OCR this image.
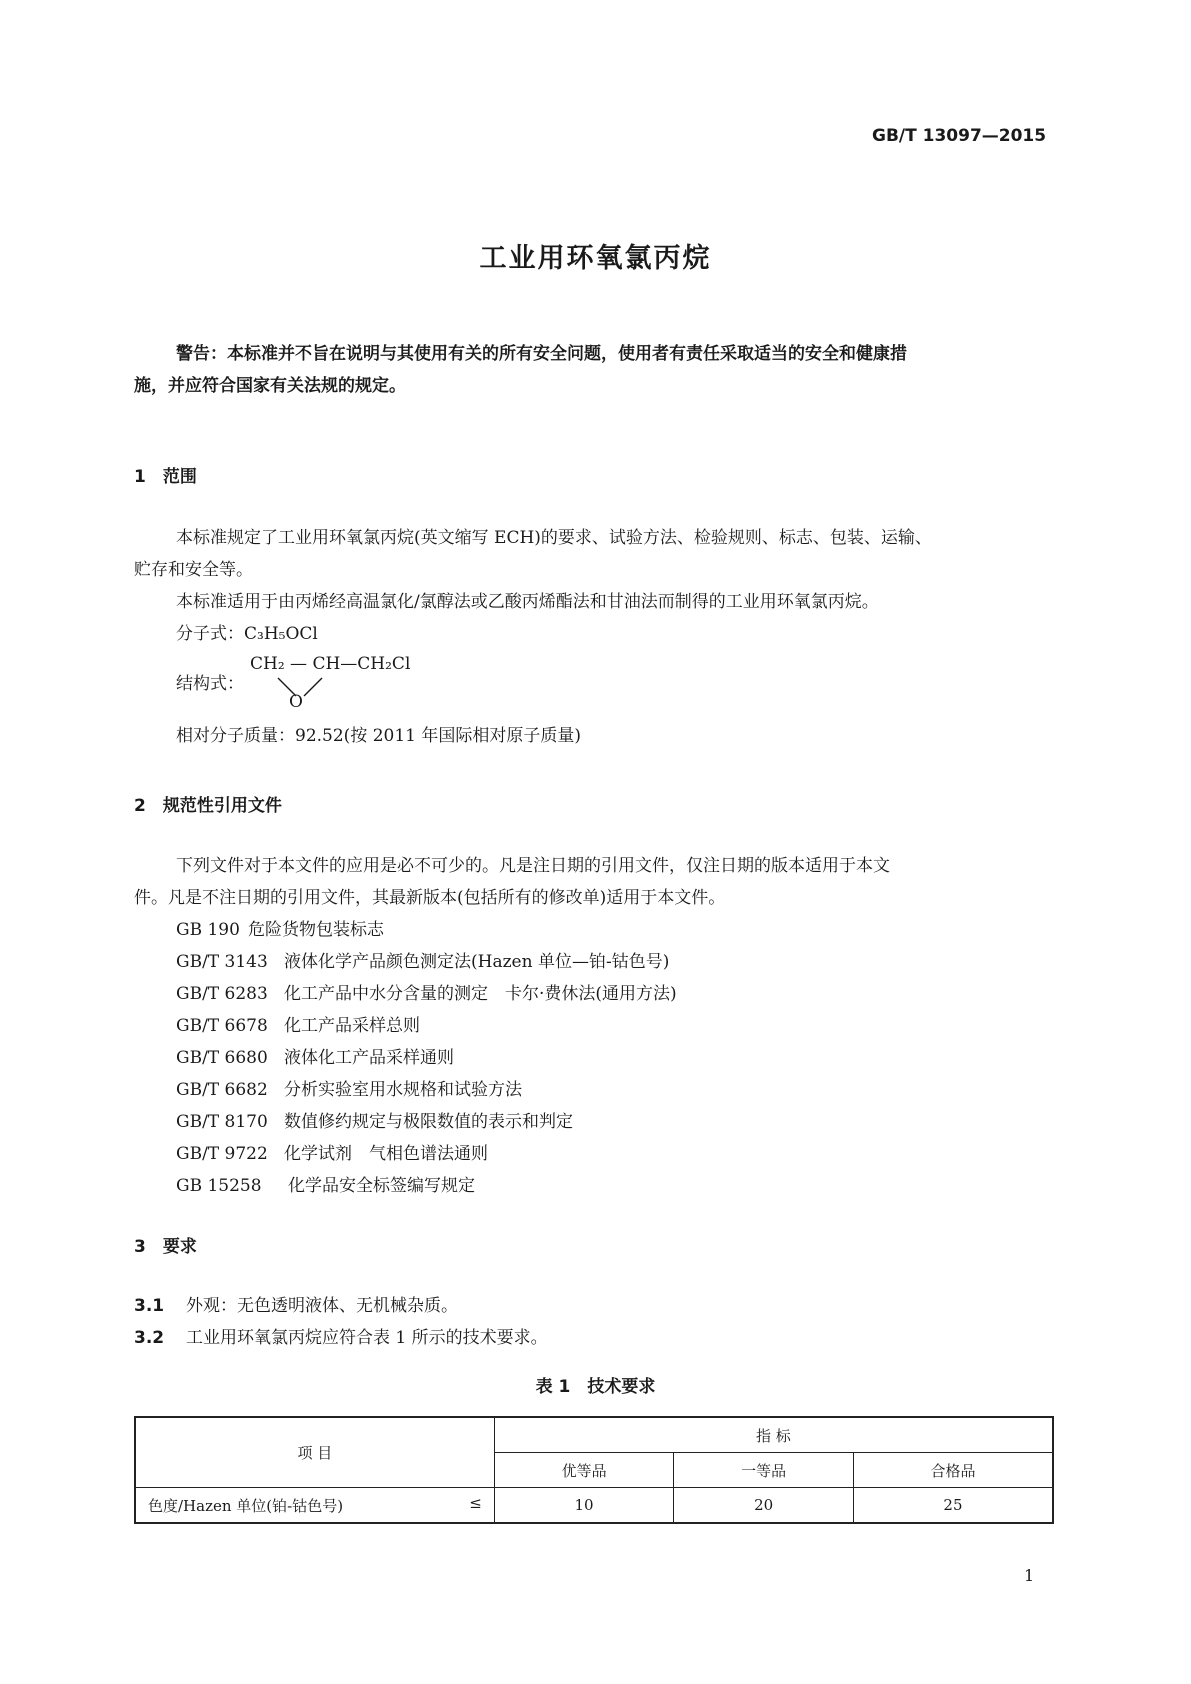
GB/T 13097—2015
工业用环氧氯丙烷
警告：本标准并不旨在说明与其使用有关的所有安全问题，使用者有责任采取适当的安全和健康措
施，并应符合国家有关法规的规定。
1　范围
本标准规定了工业用环氧氯丙烷(英文缩写 ECH)的要求、试验方法、检验规则、标志、包装、运输、
贮存和安全等。
本标准适用于由丙烯经高温氯化/氯醇法或乙酸丙烯酯法和甘油法而制得的工业用环氧氯丙烷。
分子式：C₃H₅OCl
结构式：
CH₂ — CH—CH₂Cl
O
相对分子质量：92.52(按 2011 年国际相对原子质量)
2　规范性引用文件
下列文件对于本文件的应用是必不可少的。凡是注日期的引用文件，仅注日期的版本适用于本文
件。凡是不注日期的引用文件，其最新版本(包括所有的修改单)适用于本文件。
GB 190 危险货物包装标志
GB/T 3143 液体化学产品颜色测定法(Hazen 单位—铂-钴色号)
GB/T 6283 化工产品中水分含量的测定　卡尔·费休法(通用方法)
GB/T 6678 化工产品采样总则
GB/T 6680 液体化工产品采样通则
GB/T 6682 分析实验室用水规格和试验方法
GB/T 8170 数值修约规定与极限数值的表示和判定
GB/T 9722 化学试剂　气相色谱法通则
GB 15258 化学品安全标签编写规定
3　要求
3.1 外观：无色透明液体、无机械杂质。
3.2 工业用环氧氯丙烷应符合表 1 所示的技术要求。
表 1　技术要求
项 目	指 标		
	优等品	一等品	合格品
色度/Hazen 单位(铂-钴色号) ≤	10	20	25
1
